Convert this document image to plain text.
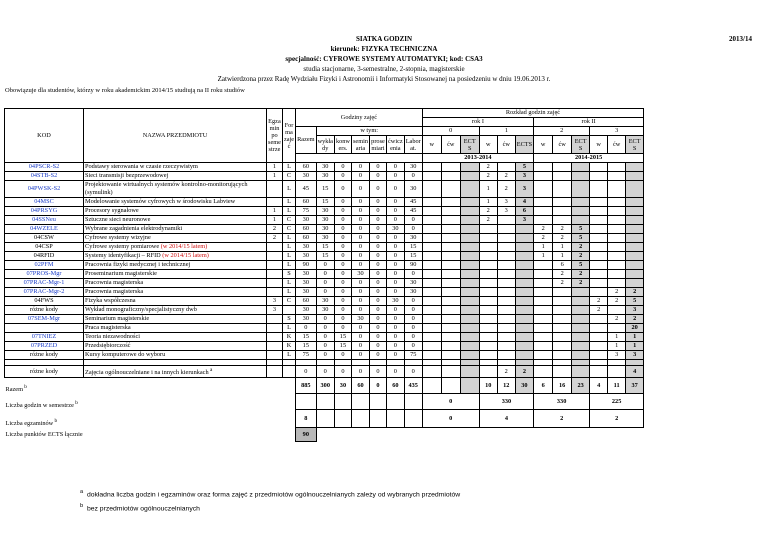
SIATKA GODZIN	2013/14
kierunek: FIZYKA TECHNICZNA
specjalność: CYFROWE SYSTEMY AUTOMATYKI; kod: CSA3
studia stacjonarne, 3-semestralne, 2-stopnia, magisterskie
Zatwierdzona przez Radę Wydziału Fizyki i Astronomii i Informatyki Stosowanej na posiedzeniu w dniu 19.06.2013 r.
Obowiązuje dla studentów, którzy w roku akademickim 2014/15 studiują na II roku studiów
KOD	NAZWA PRZEDMIOTU	Egza min po seme strze	For ma zaje ć	Godziny zajęć							Rozkład godzin zajęć											
											rok I						rok II					
				Razem	w tym:						0			1			2			3		
					wykła dy	konw ers.	semin aria	prose miari	ćwicz enia	Labor at.	w	ćw	ECT S	w	ćw	ECTS	w	ćw	ECT S	w	ćw	ECT S
											2013-2014						2014-2015					
04PSCR-S2	Podstawy sterowania w czasie rzeczywistym	1	L	60	30	0	0	0	0	30				2		5						
04STB-S2	Sieci transmisji bezprzewodowej	1	C	30	30	0	0	0	0	0				2	2	3						
04PWSK-S2	Projektowanie wirtualnych systemów kontrolno-monitorujących (symulink)		L	45	15	0	0	0	0	30				1	2	3						
04MSC	Modelowanie systemów cyfrowych w środowisku Labview		L	60	15	0	0	0	0	45				1	3	4						
04PRSYG	Procesory sygnałowe	1	L	75	30	0	0	0	0	45				2	3	6						
04SSNeu	Sztuczne sieci neuronowe	1	C	30	30	0	0	0	0	0				2		3						
04WZELE	Wybrane zagadnienia elektrodynamiki	2	C	60	30	0	0	0	30	0							2	2	5			
04CSW	Cyfrowe systemy wizyjne	2	L	60	30	0	0	0	0	30							2	2	5			
04CSP	Cyfrowe systemy pomiarowe (w 2014/15 latem)		L	30	15	0	0	0	0	15							1	1	2			
04RFID	Systemy identyfikacji – RFID (w 2014/15 latem)		L	30	15	0	0	0	0	15							1	1	2			
02PFM	Pracownia fizyki medycznej i technicznej		L	90	0	0	0	0	0	90								6	5			
07PROS-Mgr	Proseminarium magisterskie		S	30	0	0	30	0	0	0								2	2			
07PRAC-Mgr-1	Pracownia magisterska		L	30	0	0	0	0	0	30								2	2			
07PRAC-Mgr-2	Pracownia magisterska		L	30	0	0	0	0	0	30											2	2
04FWS	Fizyka współczesna	3	C	60	30	0	0	0	30	0										2	2	5
różne kody	Wykład monograficzny/specjalistyczny dwb	3		30	30	0	0	0	0	0										2		3
07SEM-Mgr	Seminarium magisterskie		S	30	0	0	30	0	0	0											2	2
	Praca magisterska		L	0	0	0	0	0	0	0												20
07TNIEZ	Teoria niezawodności		K	15	0	15	0	0	0	0											1	1
07PRZED	Przedsiębiorczość		K	15	0	15	0	0	0	0											1	1
różne kody	Kursy komputerowe do wyboru		L	75	0	0	0	0	0	75											3	3

różne kody	Zajęcia ogólnouczelniane i na innych kierunkach $^a$			0	0	0	0	0	0	0					2	2						4
Razem $^b$				885	300	30	60	0	60	435				10	12	30	6	16	23	4	11	37
Liczba godzin w semestrze $^b$											0			330			330			225		
Liczba egzaminów $^b$				8							0			4			2			2		
Liczba punktów ECTS łącznie				90																		
$^a$ dokładna liczba godzin i egzaminów oraz forma zajęć z przedmiotów ogólnouczelnianych zależy od wybranych przedmiotów
$^b$ bez przedmiotów ogólnouczelnianych
